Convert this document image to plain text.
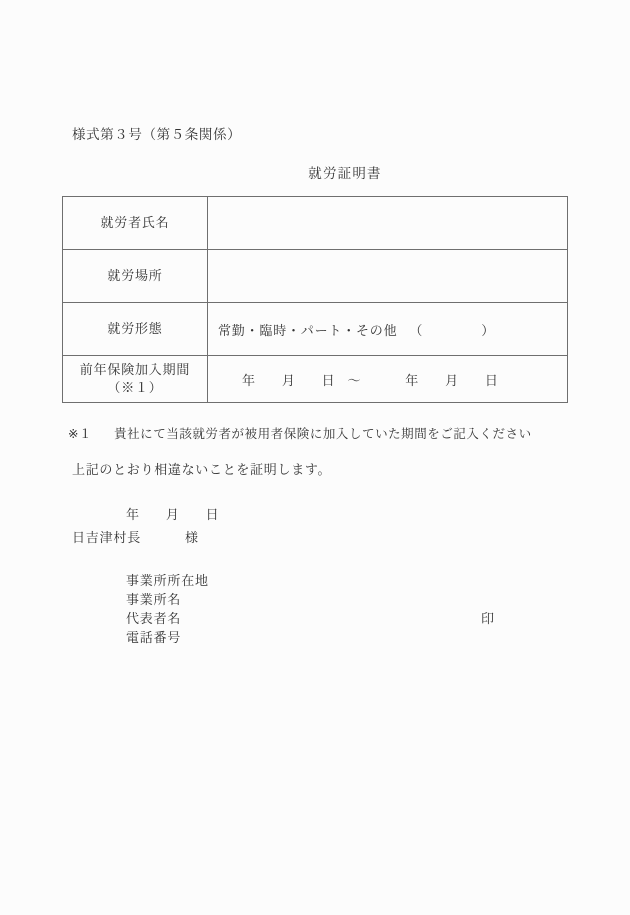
様式第３号（第５条関係）
就労証明書
就労者氏名	
就労場所	
就労形態	常勤・臨時・パート・その他 （ ）

前年保険加入期間
（※１）	年 月 日 ～ 年 月 日
※１ 貴社にて当該就労者が被用者保険に加入していた期間をご記入ください
上記のとおり相違ないことを証明します。
年 月 日
日吉津村長	様
事業所所在地
事業所名
代表者名	印
電話番号
